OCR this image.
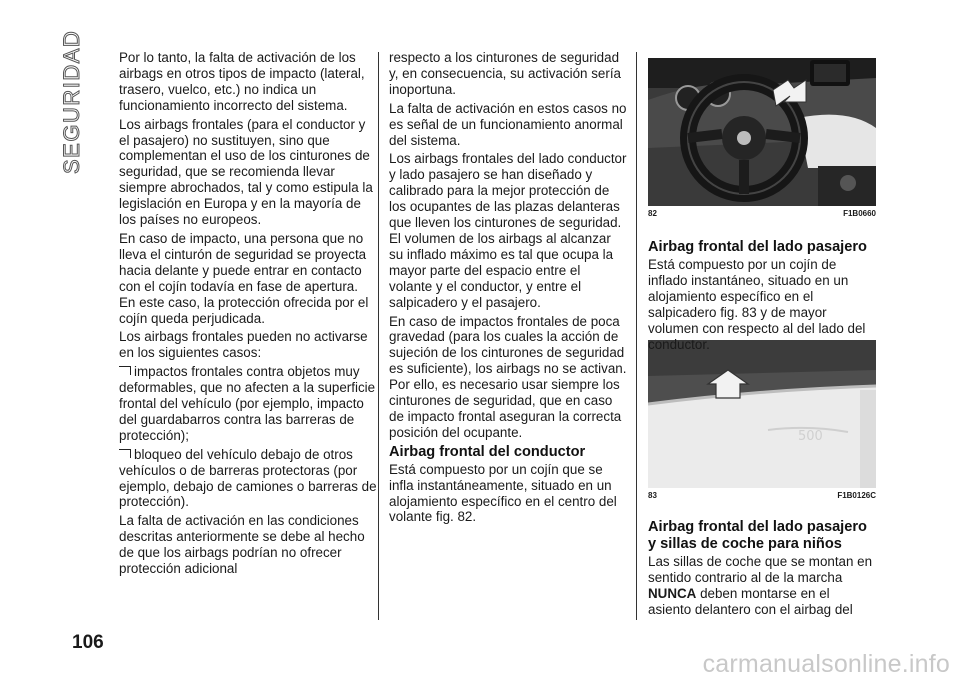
SEGURIDAD
106

Por lo tanto, la falta de activación de los airbags en otros tipos de impacto (lateral, trasero, vuelco, etc.) no indica un funcionamiento incorrecto del sistema.

Los airbags frontales (para el conductor y el pasajero) no sustituyen, sino que complementan el uso de los cinturones de seguridad, que se recomienda llevar siempre abrochados, tal y como estipula la legislación en Europa y en la mayoría de los países no europeos.

En caso de impacto, una persona que no lleva el cinturón de seguridad se proyecta hacia delante y puede entrar en contacto con el cojín todavía en fase de apertura. En este caso, la protección ofrecida por el cojín queda perjudicada.

Los airbags frontales pueden no activarse en los siguientes casos:

impactos frontales contra objetos muy deformables, que no afecten a la superficie frontal del vehículo (por ejemplo, impacto del guardabarros contra las barreras de protección);

bloqueo del vehículo debajo de otros vehículos o de barreras protectoras (por ejemplo, debajo de camiones o barreras de protección).

La falta de activación en las condiciones descritas anteriormente se debe al hecho de que los airbags podrían no ofrecer protección adicional

respecto a los cinturones de seguridad y, en consecuencia, su activación sería inoportuna.

La falta de activación en estos casos no es señal de un funcionamiento anormal del sistema.

Los airbags frontales del lado conductor y lado pasajero se han diseñado y calibrado para la mejor protección de los ocupantes de las plazas delanteras que lleven los cinturones de seguridad. El volumen de los airbags al alcanzar su inflado máximo es tal que ocupa la mayor parte del espacio entre el volante y el conductor, y entre el salpicadero y el pasajero.

En caso de impactos frontales de poca gravedad (para los cuales la acción de sujeción de los cinturones de seguridad es suficiente), los airbags no se activan. Por ello, es necesario usar siempre los cinturones de seguridad, que en caso de impacto frontal aseguran la correcta posición del ocupante.

Airbag frontal del conductor

Está compuesto por un cojín que se infla instantáneamente, situado en un alojamiento específico en el centro del volante fig. 82.

82	F1B0660
500
83	F1B0126C
Airbag frontal del lado pasajero

Está compuesto por un cojín de inflado instantáneo, situado en un alojamiento específico en el salpicadero fig. 83 y de mayor volumen con respecto al del lado del conductor.

Airbag frontal del lado pasajero y sillas de coche para niños

Las sillas de coche que se montan en sentido contrario al de la marcha NUNCA deben montarse en el asiento delantero con el airbag del

carmanualsonline.info
